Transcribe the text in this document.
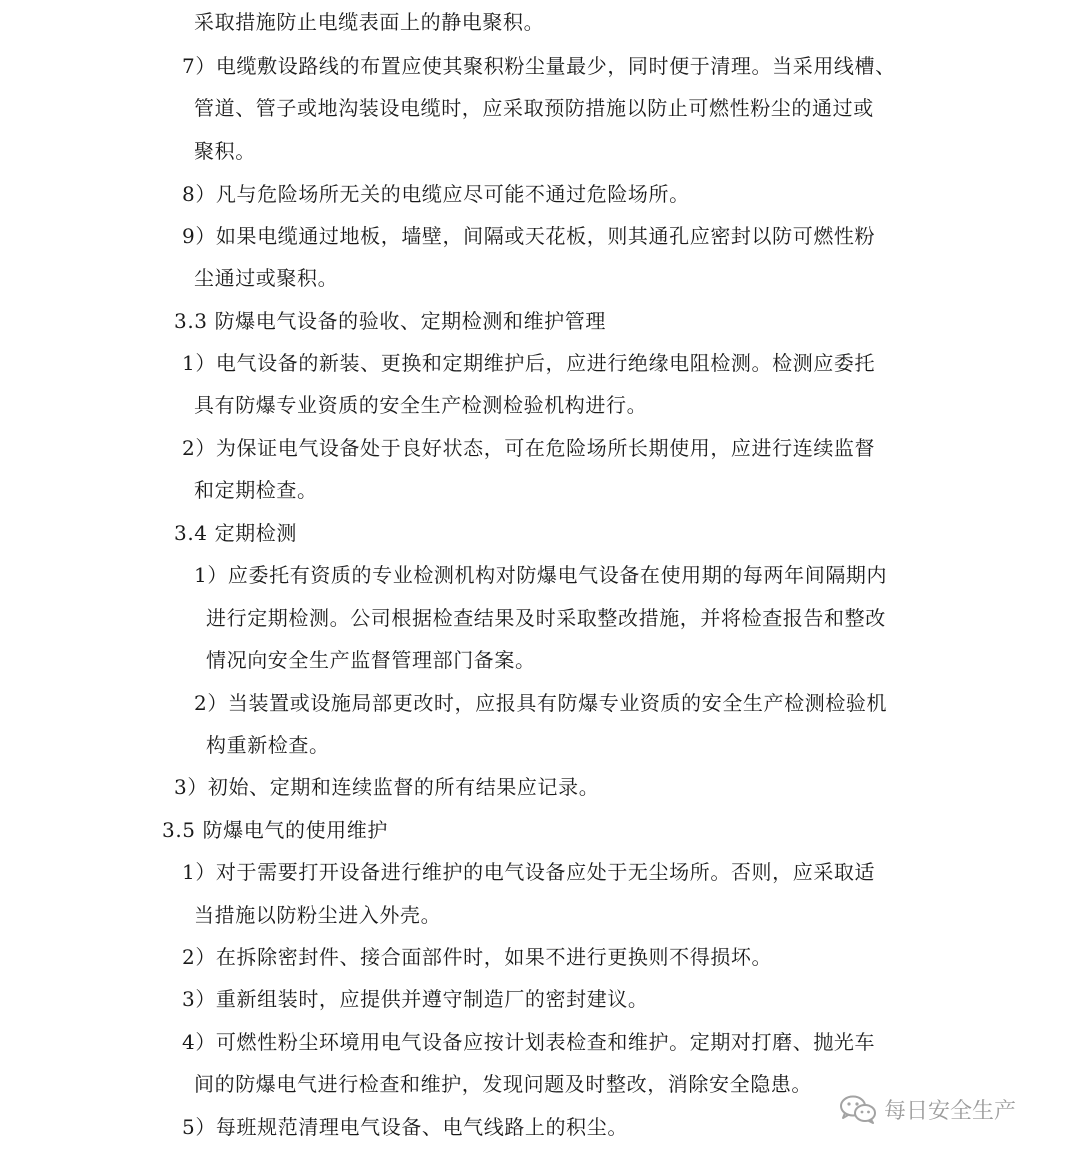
采取措施防止电缆表面上的静电聚积。
7）电缆敷设路线的布置应使其聚积粉尘量最少，同时便于清理。当采用线槽、
管道、管子或地沟装设电缆时，应采取预防措施以防止可燃性粉尘的通过或
聚积。
8）凡与危险场所无关的电缆应尽可能不通过危险场所。
9）如果电缆通过地板，墙壁，间隔或天花板，则其通孔应密封以防可燃性粉
尘通过或聚积。
3.3 防爆电气设备的验收、定期检测和维护管理
1）电气设备的新装、更换和定期维护后，应进行绝缘电阻检测。检测应委托
具有防爆专业资质的安全生产检测检验机构进行。
2）为保证电气设备处于良好状态，可在危险场所长期使用，应进行连续监督
和定期检查。
3.4 定期检测
1）应委托有资质的专业检测机构对防爆电气设备在使用期的每两年间隔期内
进行定期检测。公司根据检查结果及时采取整改措施，并将检查报告和整改
情况向安全生产监督管理部门备案。
2）当装置或设施局部更改时，应报具有防爆专业资质的安全生产检测检验机
构重新检查。
3）初始、定期和连续监督的所有结果应记录。
3.5 防爆电气的使用维护
1）对于需要打开设备进行维护的电气设备应处于无尘场所。否则，应采取适
当措施以防粉尘进入外壳。
2）在拆除密封件、接合面部件时，如果不进行更换则不得损坏。
3）重新组装时，应提供并遵守制造厂的密封建议。
4）可燃性粉尘环境用电气设备应按计划表检查和维护。定期对打磨、抛光车
间的防爆电气进行检查和维护，发现问题及时整改，消除安全隐患。
5）每班规范清理电气设备、电气线路上的积尘。
每日安全生产
